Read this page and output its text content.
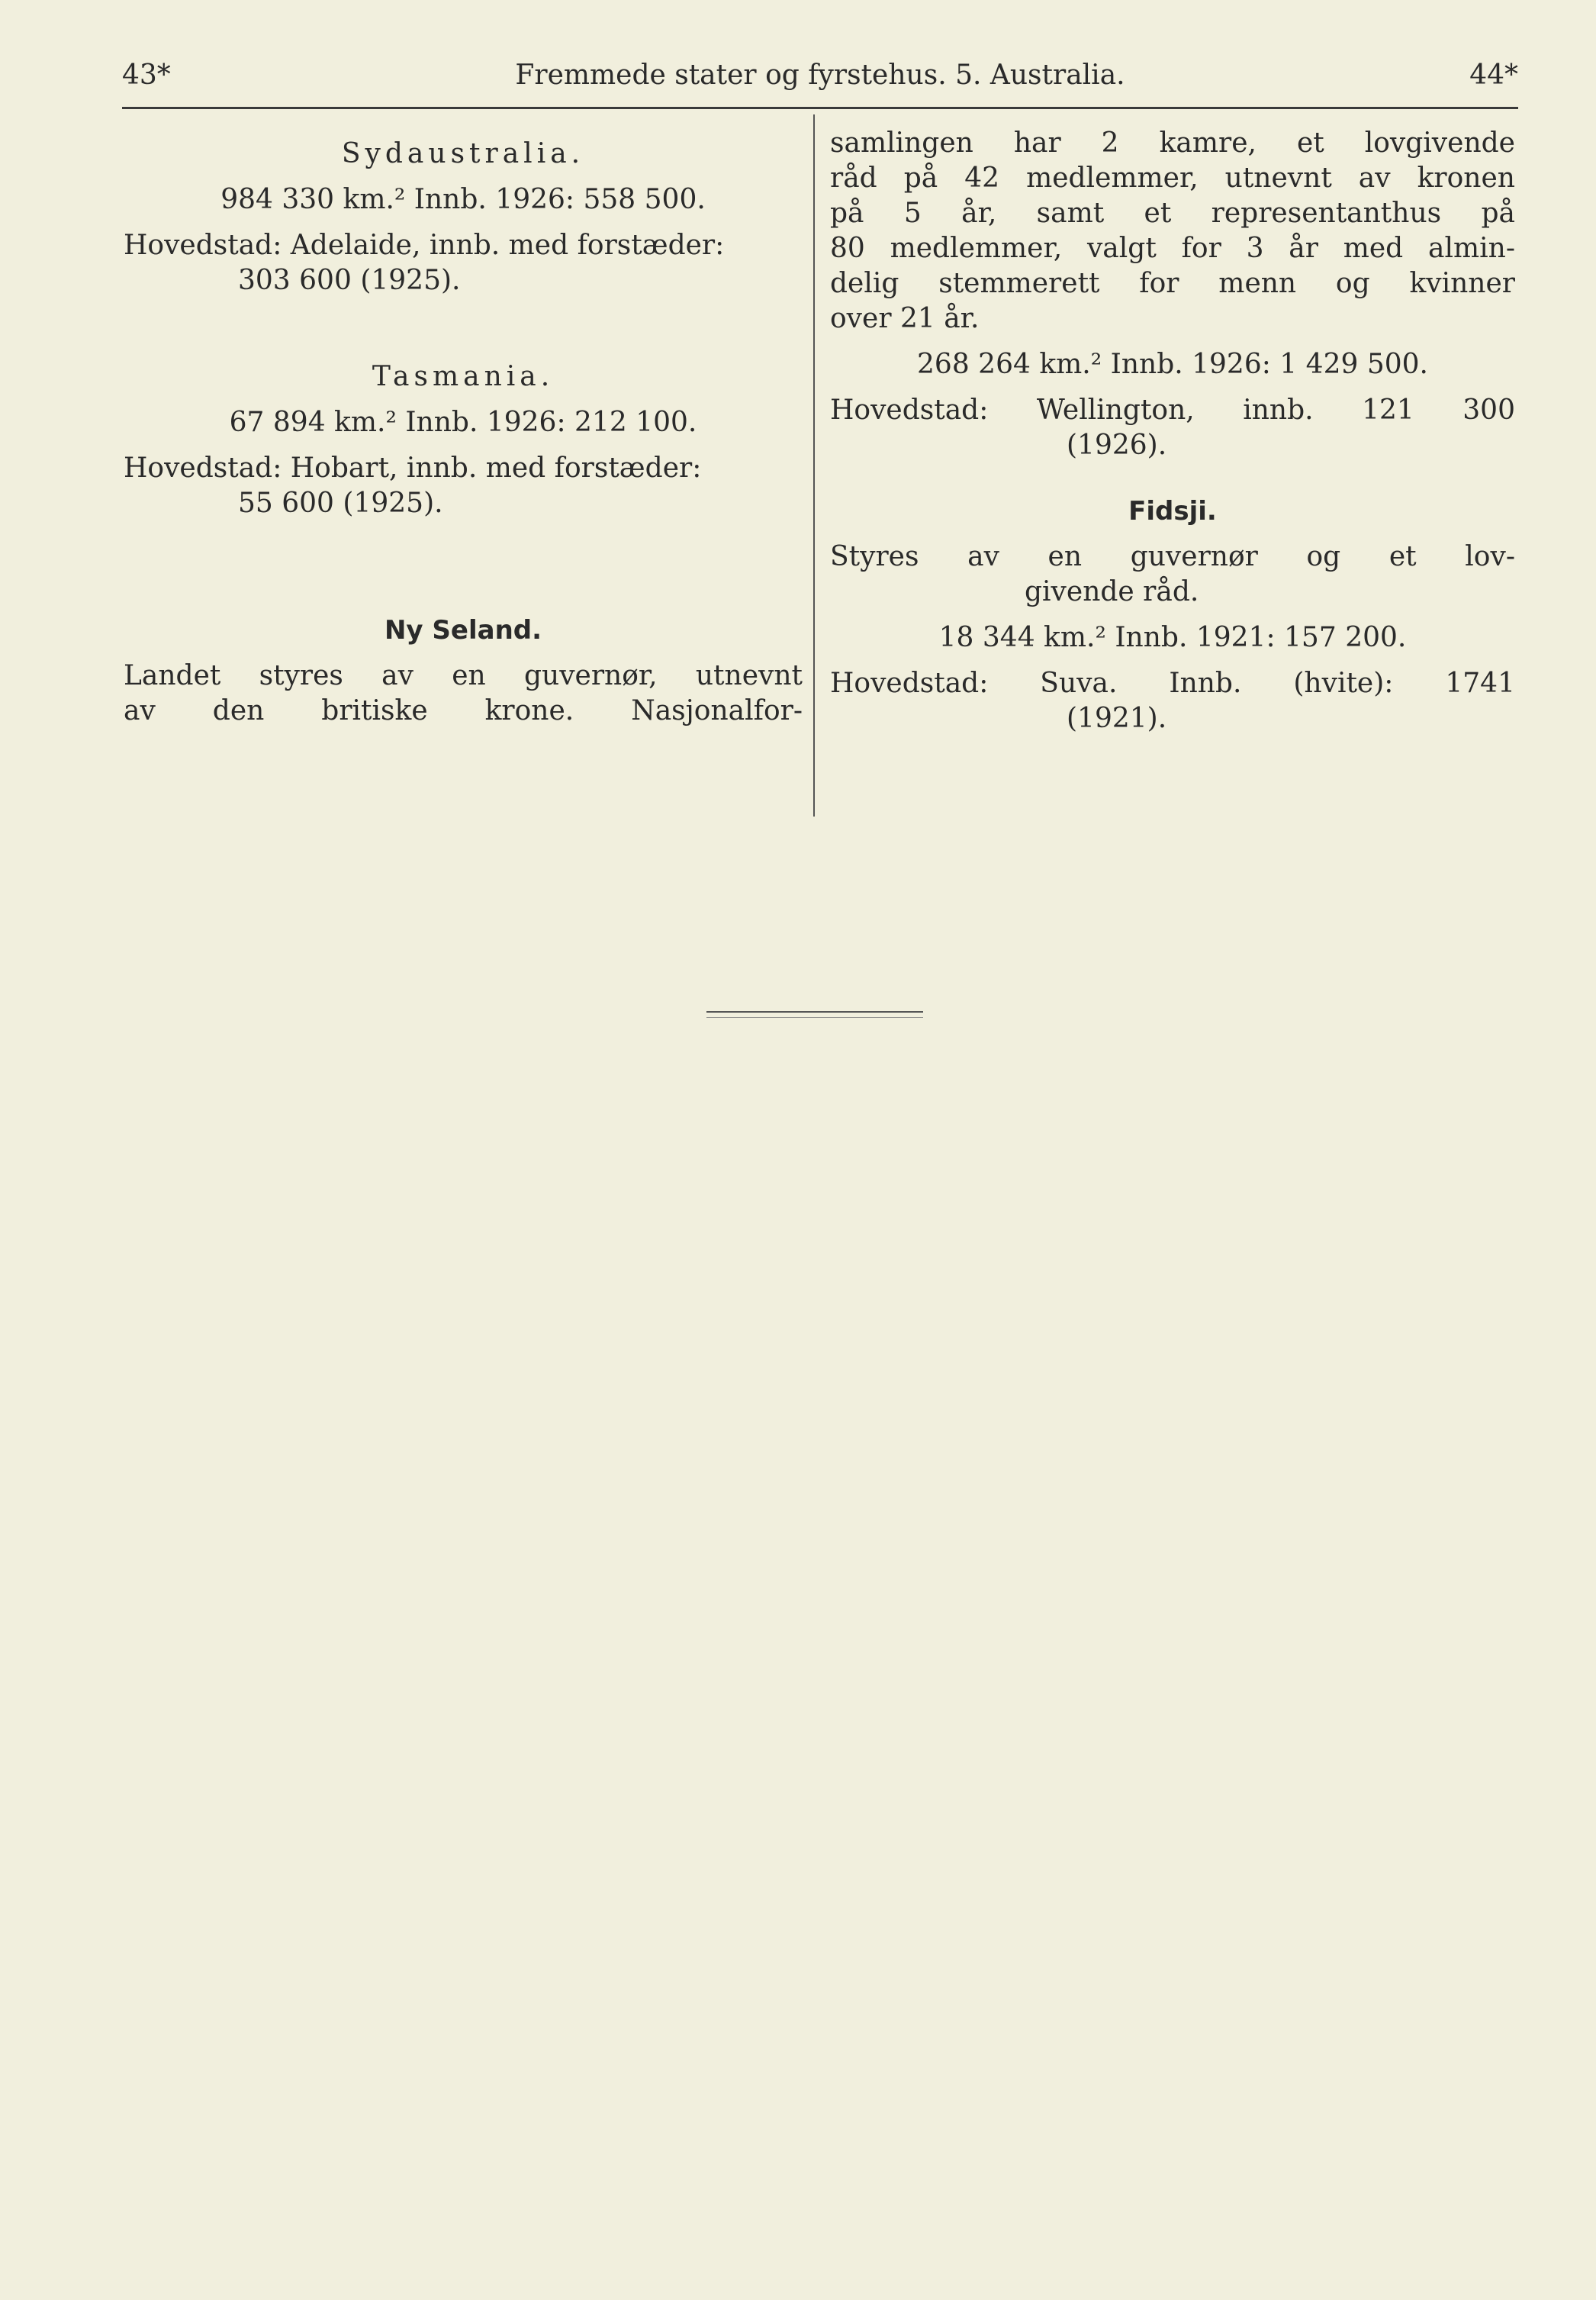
43*	Fremmede stater og fyrstehus. 5. Australia.	44*
Sydaustralia.
984 330 km.² Innb. 1926: 558 500.
Hovedstad: Adelaide, innb. med forstæder:
303 600 (1925).
Tasmania.
67 894 km.² Innb. 1926: 212 100.
Hovedstad: Hobart, innb. med forstæder:
55 600 (1925).
Ny Seland.
Landet styres av en guvernør, utnevnt
av den britiske krone. Nasjonalfor-
samlingen har 2 kamre, et lovgivende
råd på 42 medlemmer, utnevnt av kronen
på 5 år, samt et representanthus på
80 medlemmer, valgt for 3 år med almin-
delig stemmerett for menn og kvinner
over 21 år.
268 264 km.² Innb. 1926: 1 429 500.
Hovedstad: Wellington, innb. 121 300
(1926).
Fidsji.
Styres av en guvernør og et lov-
givende råd.
18 344 km.² Innb. 1921: 157 200.
Hovedstad: Suva. Innb. (hvite): 1741
(1921).
